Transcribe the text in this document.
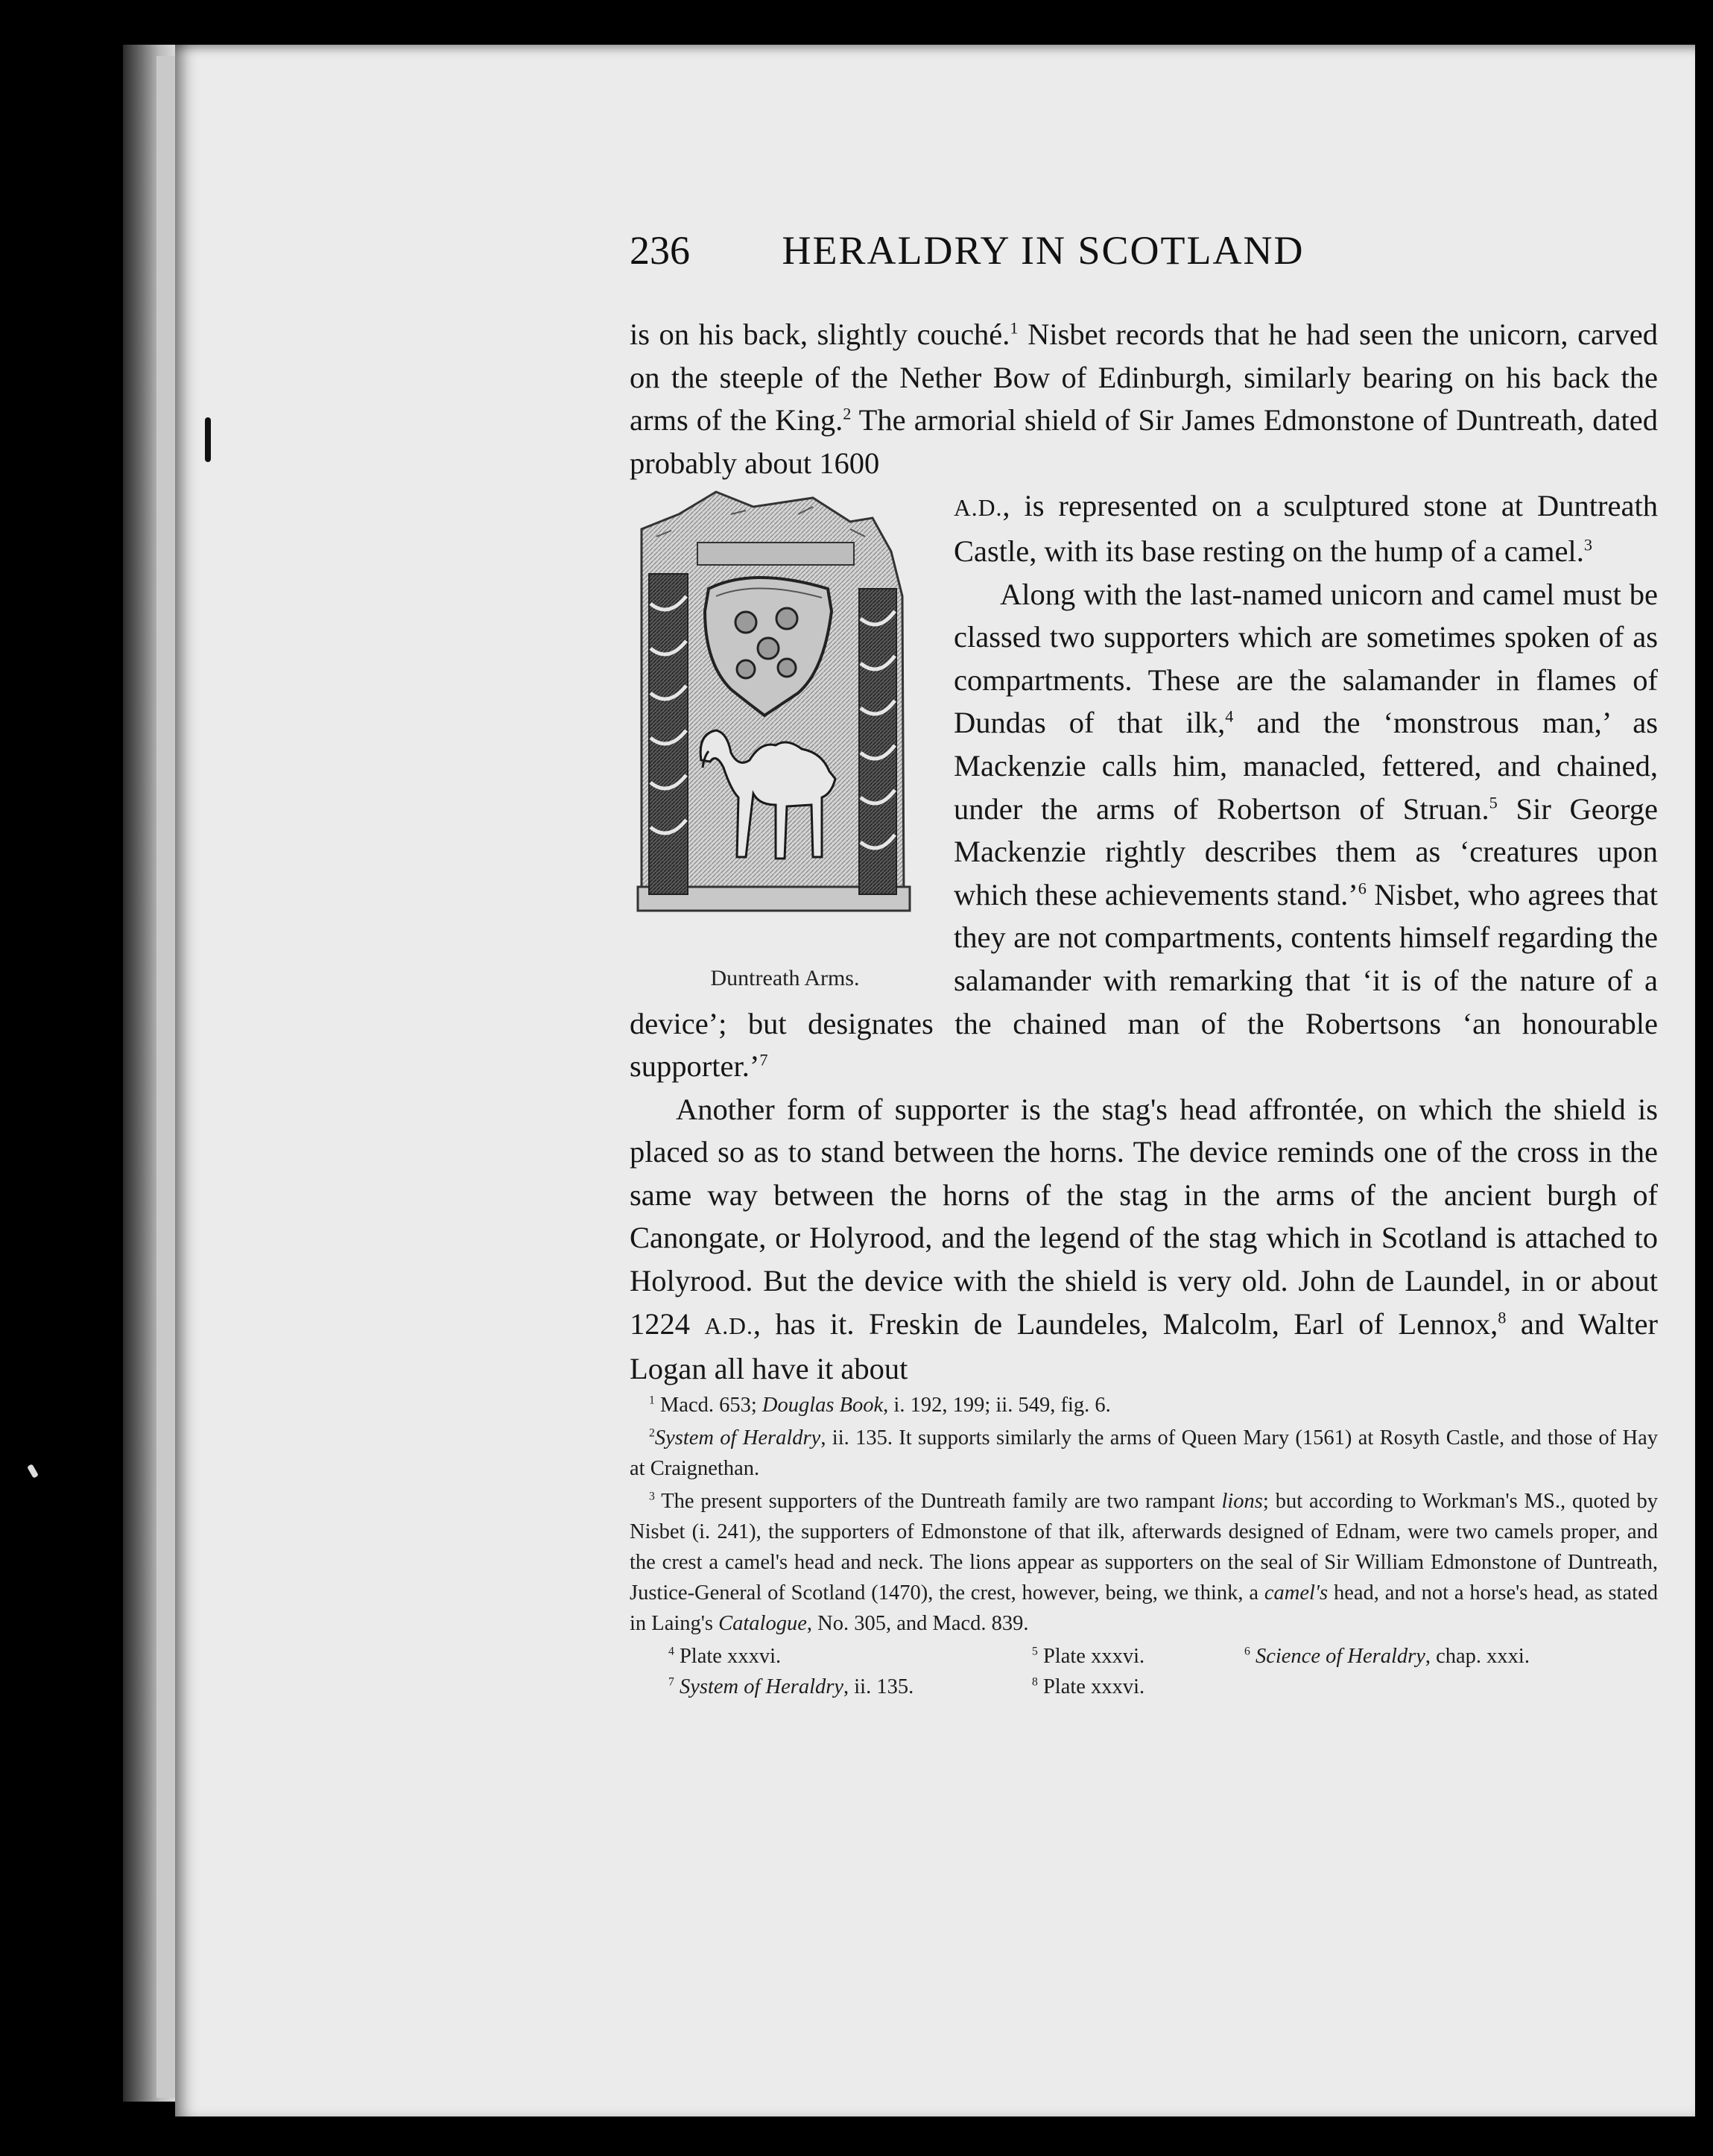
236	HERALDRY IN SCOTLAND

is on his back, slightly couché.$^1$ Nisbet records that he had seen the unicorn, carved on the steeple of the Nether Bow of Edinburgh, similarly bearing on his back the arms of the King.$^2$ The armorial shield of Sir James Edmonstone of Duntreath, dated probably about 1600

Duntreath Arms.
A.D., is represented on a sculptured stone at Duntreath Castle, with its base resting on the hump of a camel.$^3$

Along with the last-named unicorn and camel must be classed two supporters which are sometimes spoken of as compartments. These are the salamander in flames of Dundas of that ilk,$^4$ and the ‘monstrous man,’ as Mackenzie calls him, manacled, fettered, and chained, under the arms of Robertson of Struan.$^5$ Sir George Mackenzie rightly describes them as ‘creatures upon which these achievements stand.’$^6$ Nisbet, who agrees that they are not compartments, contents himself regarding the salamander with remarking that ‘it is of the nature of a device’; but designates the chained man of the Robertsons ‘an honourable supporter.’$^7$

Another form of supporter is the stag's head affrontée, on which the shield is placed so as to stand between the horns. The device reminds one of the cross in the same way between the horns of the stag in the arms of the ancient burgh of Canongate, or Holyrood, and the legend of the stag which in Scotland is attached to Holyrood. But the device with the shield is very old. John de Laundel, in or about 1224 A.D., has it. Freskin de Laundeles, Malcolm, Earl of Lennox,$^8$ and Walter Logan all have it about

$^1$ Macd. 653; Douglas Book, i. 192, 199; ii. 549, fig. 6.

$^2$System of Heraldry, ii. 135. It supports similarly the arms of Queen Mary (1561) at Rosyth Castle, and those of Hay at Craignethan.

$^3$ The present supporters of the Duntreath family are two rampant lions; but according to Workman's MS., quoted by Nisbet (i. 241), the supporters of Edmonstone of that ilk, afterwards designed of Ednam, were two camels proper, and the crest a camel's head and neck. The lions appear as supporters on the seal of Sir William Edmonstone of Duntreath, Justice-General of Scotland (1470), the crest, however, being, we think, a camel's head, and not a horse's head, as stated in Laing's Catalogue, No. 305, and Macd. 839.

$^4$ Plate xxxvi.	$^5$ Plate xxxvi.	$^6$ Science of Heraldry, chap. xxxi.
$^7$ System of Heraldry, ii. 135.	$^8$ Plate xxxvi.
